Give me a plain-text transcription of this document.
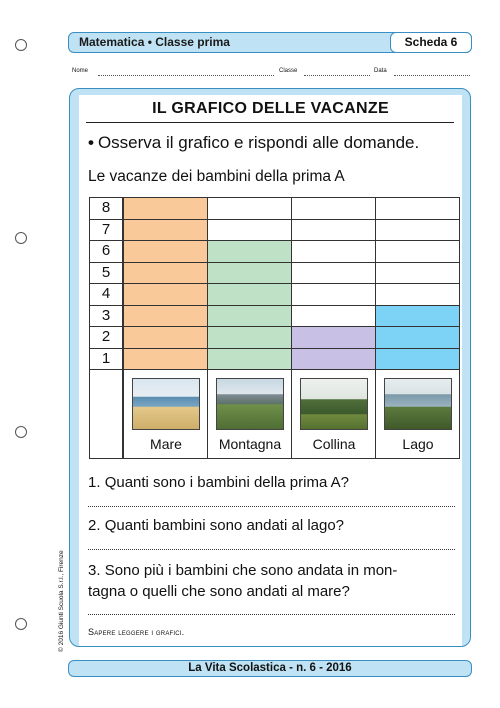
Matematica • Classe prima	Scheda 6
Nome	Classe	Data
IL GRAFICO DELLE VACANZE
• Osserva il grafico e rispondi alle domande.
Le vacanze dei bambini della prima A
8
7
6
5
4
3
2
1
Mare	Montagna	Collina	Lago
1. Quanti sono i bambini della prima A?
2. Quanti bambini sono andati al lago?
3. Sono più i bambini che sono andata in mon-
tagna o quelli che sono andati al mare?
Sapere leggere i grafici.
© 2016 Giunti Scuola S.r.l., Firenze
La Vita Scolastica - n. 6 - 2016
